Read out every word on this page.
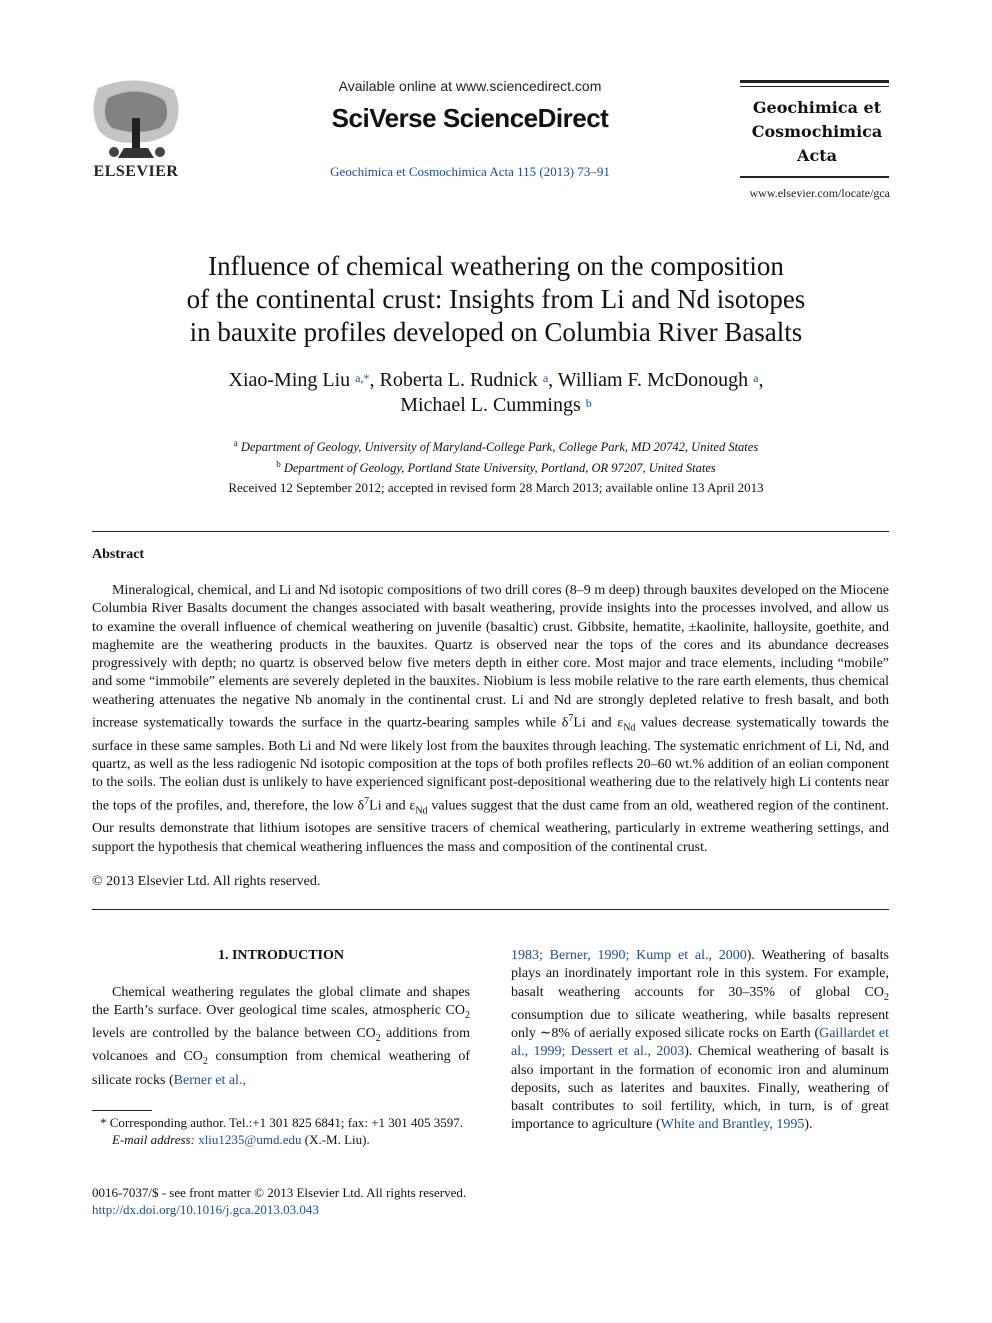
ELSEVIER
Available online at www.sciencedirect.com
SciVerse ScienceDirect
Geochimica et Cosmochimica Acta 115 (2013) 73–91
Geochimica et
Cosmochimica
Acta
www.elsevier.com/locate/gca
Influence of chemical weathering on the composition
of the continental crust: Insights from Li and Nd isotopes
in bauxite profiles developed on Columbia River Basalts
Xiao-Ming Liu $^{a,*}$, Roberta L. Rudnick $^a$, William F. McDonough $^a$,
Michael L. Cummings $^b$
$^a$ Department of Geology, University of Maryland-College Park, College Park, MD 20742, United States
$^b$ Department of Geology, Portland State University, Portland, OR 97207, United States
Received 12 September 2012; accepted in revised form 28 March 2013; available online 13 April 2013
Abstract
Mineralogical, chemical, and Li and Nd isotopic compositions of two drill cores (8–9 m deep) through bauxites developed on the Miocene Columbia River Basalts document the changes associated with basalt weathering, provide insights into the processes involved, and allow us to examine the overall influence of chemical weathering on juvenile (basaltic) crust. Gibbsite, hematite, ±kaolinite, halloysite, goethite, and maghemite are the weathering products in the bauxites. Quartz is observed near the tops of the cores and its abundance decreases progressively with depth; no quartz is observed below five meters depth in either core. Most major and trace elements, including “mobile” and some “immobile” elements are severely depleted in the bauxites. Niobium is less mobile relative to the rare earth elements, thus chemical weathering attenuates the negative Nb anomaly in the continental crust. Li and Nd are strongly depleted relative to fresh basalt, and both increase systematically towards the surface in the quartz-bearing samples while $\delta^7Li$ and $\varepsilon_{Nd}$ values decrease systematically towards the surface in these same samples. Both Li and Nd were likely lost from the bauxites through leaching. The systematic enrichment of Li, Nd, and quartz, as well as the less radiogenic Nd isotopic composition at the tops of both profiles reflects 20–60 wt.% addition of an eolian component to the soils. The eolian dust is unlikely to have experienced significant post-depositional weathering due to the relatively high Li contents near the tops of the profiles, and, therefore, the low $\delta^7Li$ and $\varepsilon_{Nd}$ values suggest that the dust came from an old, weathered region of the continent. Our results demonstrate that lithium isotopes are sensitive tracers of chemical weathering, particularly in extreme weathering settings, and support the hypothesis that chemical weathering influences the mass and composition of the continental crust.
© 2013 Elsevier Ltd. All rights reserved.
1. INTRODUCTION
Chemical weathering regulates the global climate and shapes the Earth’s surface. Over geological time scales, atmospheric $CO_2$ levels are controlled by the balance between $CO_2$ additions from volcanoes and $CO_2$ consumption from chemical weathering of silicate rocks (Berner et al.,
1983; Berner, 1990; Kump et al., 2000). Weathering of basalts plays an inordinately important role in this system. For example, basalt weathering accounts for 30–35% of global $CO_2$ consumption due to silicate weathering, while basalts represent only ∼8% of aerially exposed silicate rocks on Earth (Gaillardet et al., 1999; Dessert et al., 2003). Chemical weathering of basalt is also important in the formation of economic iron and aluminum deposits, such as laterites and bauxites. Finally, weathering of basalt contributes to soil fertility, which, in turn, is of great importance to agriculture (White and Brantley, 1995).
* Corresponding author. Tel.:+1 301 825 6841; fax: +1 301 405 3597.
E-mail address: xliu1235@umd.edu (X.-M. Liu).
0016-7037/$ - see front matter © 2013 Elsevier Ltd. All rights reserved.
http://dx.doi.org/10.1016/j.gca.2013.03.043
